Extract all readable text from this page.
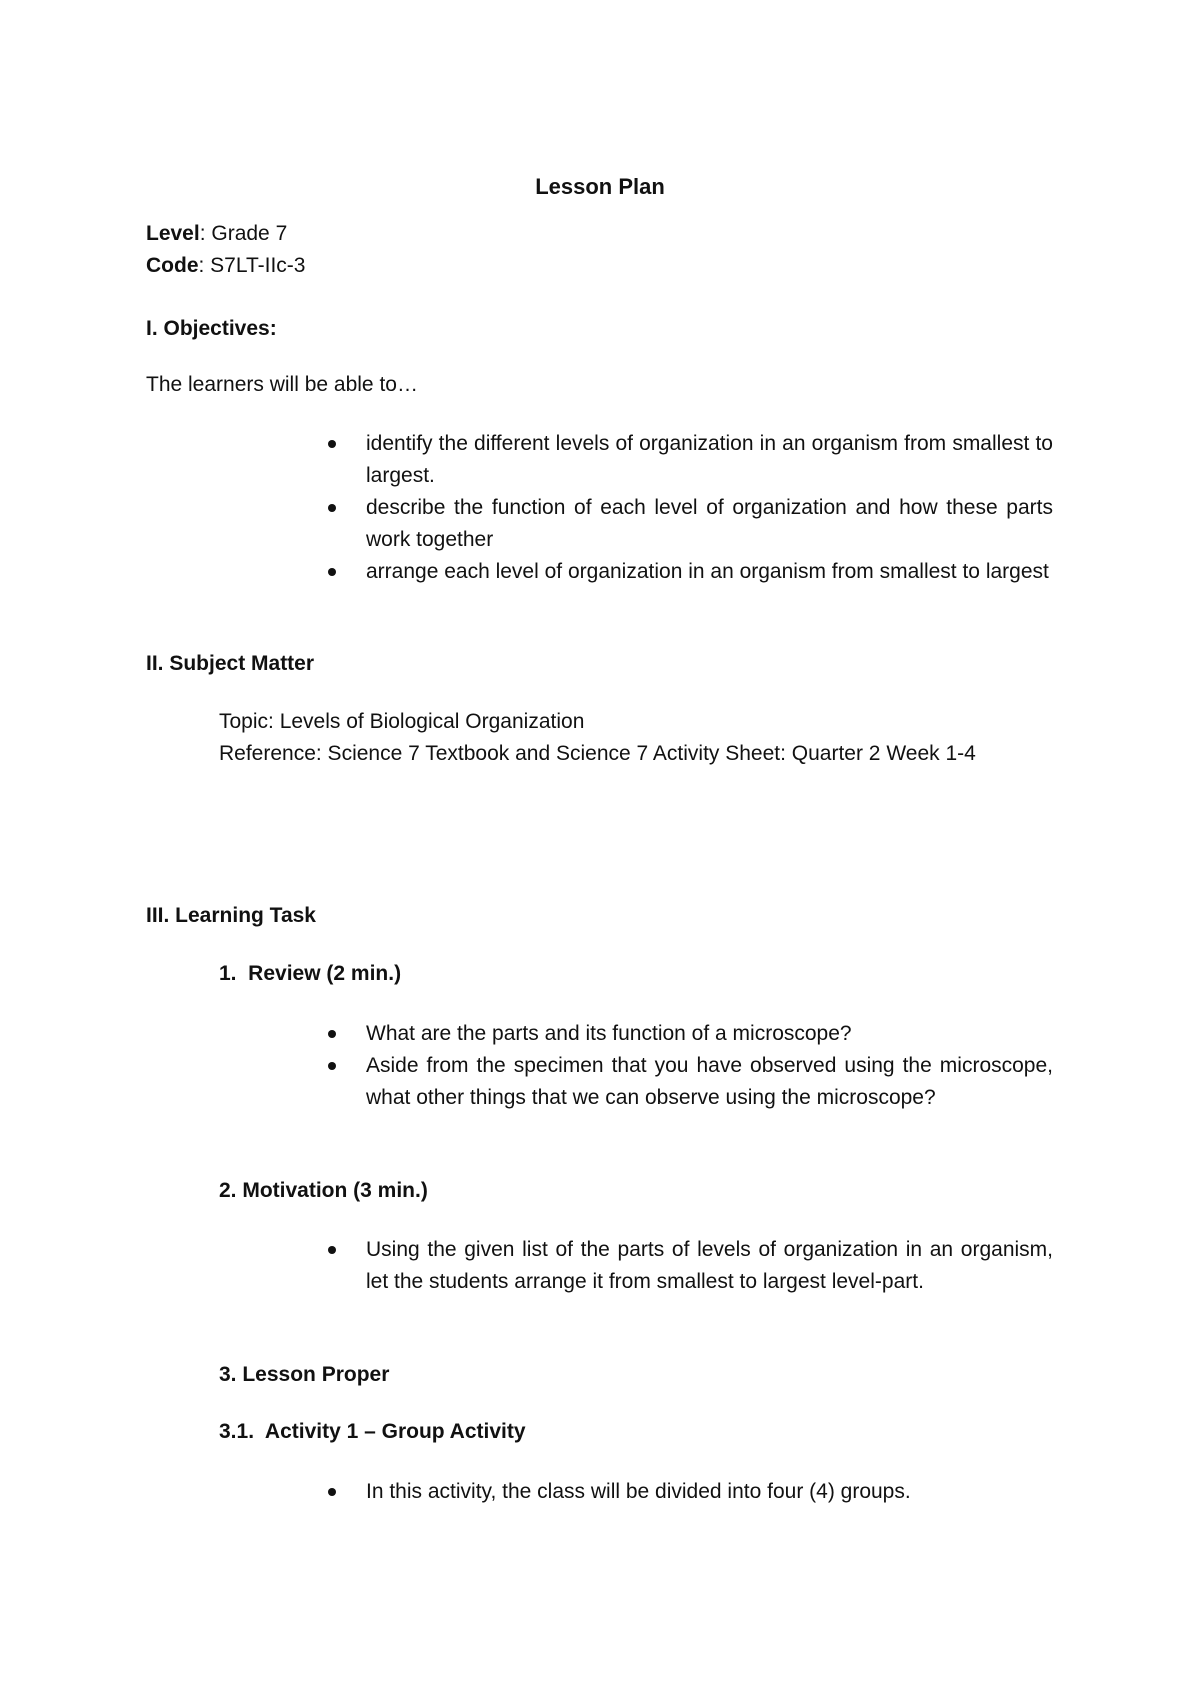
Lesson Plan
Level: Grade 7
Code: S7LT-IIc-3
I. Objectives:
The learners will be able to…
identify the different levels of organization in an organism from smallest to largest.
describe the function of each level of organization and how these parts work together
arrange each level of organization in an organism from smallest to largest
II. Subject Matter
Topic: Levels of Biological Organization
Reference: Science 7 Textbook and Science 7 Activity Sheet: Quarter 2 Week 1-4
III. Learning Task
1.  Review (2 min.)
What are the parts and its function of a microscope?
Aside from the specimen that you have observed using the microscope, what other things that we can observe using the microscope?
2. Motivation (3 min.)
Using the given list of the parts of levels of organization in an organism, let the students arrange it from smallest to largest level-part.
3. Lesson Proper
3.1.  Activity 1 – Group Activity
In this activity, the class will be divided into four (4) groups.
